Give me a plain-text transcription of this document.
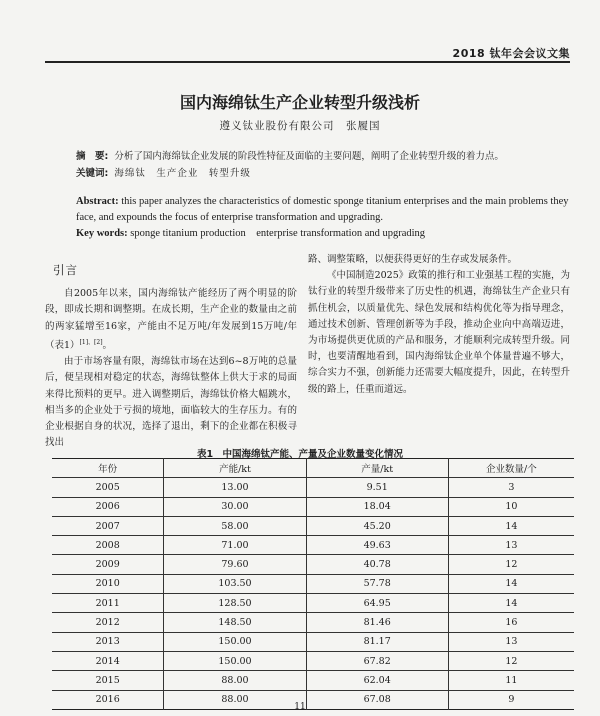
2018 钛年会会议文集
国内海绵钛生产企业转型升级浅析
遵义钛业股份有限公司　 张履国
摘　要: 分析了国内海绵钛企业发展的阶段性特征及面临的主要问题，阐明了企业转型升级的着力点。
关键词: 海绵钛　生产企业　转型升级
Abstract: this paper analyzes the characteristics of domestic sponge titanium enterprises and the main problems they face, and expounds the focus of enterprise transformation and upgrading.
Key words: sponge titanium production　enterprise transformation and upgrading
引言

自2005年以来，国内海绵钛产能经历了两个明显的阶段，即成长期和调整期。在成长期，生产企业的数量由之前的两家猛增至16家，产能由不足万吨/年发展到15万吨/年（表1）[1]、[2]。

由于市场容量有限，海绵钛市场在达到6~8万吨的总量后，便呈现相对稳定的状态，海绵钛整体上供大于求的局面来得比预料的更早。进入调整期后，海绵钛价格大幅跳水，相当多的企业处于亏损的境地，面临较大的生存压力。有的企业根据自身的状况，选择了退出，剩下的企业都在积极寻找出

路、调整策略，以便获得更好的生存或发展条件。

《中国制造2025》政策的推行和工业强基工程的实施，为钛行业的转型升级带来了历史性的机遇，海绵钛生产企业只有抓住机会，以质量优先、绿色发展和结构优化等为指导理念，通过技术创新、管理创新等为手段，推动企业向中高端迈进，为市场提供更优质的产品和服务，才能顺利完成转型升级。同时，也要清醒地看到，国内海绵钛企业单个体量普遍不够大，综合实力不强，创新能力还需要大幅度提升，因此，在转型升级的路上，任重而道远。

表1　中国海绵钛产能、产量及企业数量变化情况
年份	产能/kt	产量/kt	企业数量/个
2005	13.00	9.51	3
2006	30.00	18.04	10
2007	58.00	45.20	14
2008	71.00	49.63	13
2009	79.60	40.78	12
2010	103.50	57.78	14
2011	128.50	64.95	14
2012	148.50	81.46	16
2013	150.00	81.17	13
2014	150.00	67.82	12
2015	88.00	62.04	11
2016	88.00	67.08	9
11
